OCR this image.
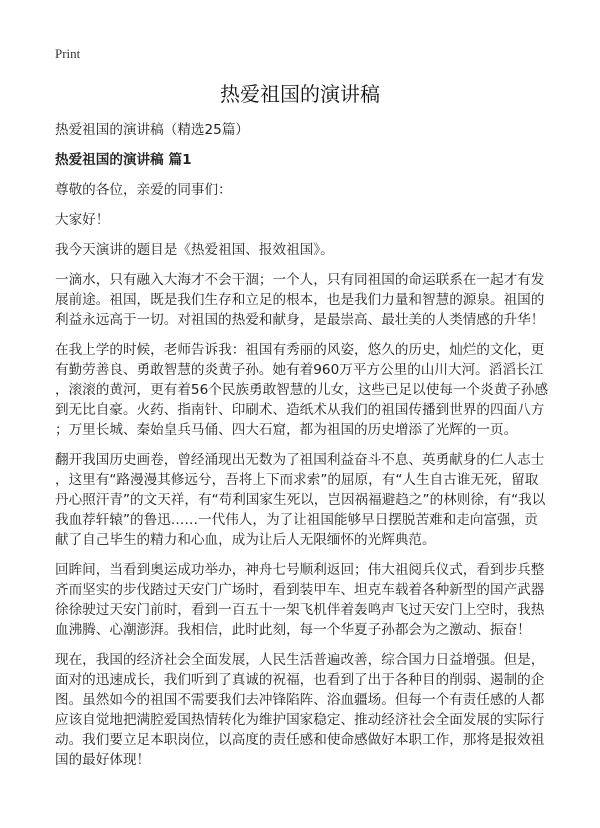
Print
热爱祖国的演讲稿
热爱祖国的演讲稿（精选25篇）
热爱祖国的演讲稿 篇1
尊敬的各位，亲爱的同事们：
大家好！
我今天演讲的题目是《热爱祖国、报效祖国》。
一滴水，只有融入大海才不会干涸；一个人，只有同祖国的命运联系在一起才有发
展前途。祖国，既是我们生存和立足的根本，也是我们力量和智慧的源泉。祖国的
利益永远高于一切。对祖国的热爱和献身，是最崇高、最壮美的人类情感的升华！
在我上学的时候，老师告诉我：祖国有秀丽的风姿，悠久的历史，灿烂的文化，更
有勤劳善良、勇敢智慧的炎黄子孙。她有着960万平方公里的山川大河。滔滔长江
，滚滚的黄河，更有着56个民族勇敢智慧的儿女，这些已足以使每一个炎黄子孙感
到无比自豪。火药、指南针、印刷术、造纸术从我们的祖国传播到世界的四面八方
；万里长城、秦始皇兵马俑、四大石窟，都为祖国的历史增添了光辉的一页。
翻开我国历史画卷，曾经涌现出无数为了祖国利益奋斗不息、英勇献身的仁人志士
，这里有“路漫漫其修远兮，吾将上下而求索”的屈原，有“人生自古谁无死，留取
丹心照汗青”的文天祥，有“苟利国家生死以，岂因祸福避趋之”的林则徐，有“我以
我血荐轩辕”的鲁迅……一代伟人，为了让祖国能够早日摆脱苦难和走向富强，贡
献了自己毕生的精力和心血，成为让后人无限缅怀的光辉典范。
回眸间，当看到奥运成功举办，神舟七号顺利返回；伟大祖阅兵仪式，看到步兵整
齐而坚实的步伐踏过天安门广场时，看到装甲车、坦克车载着各种新型的国产武器
徐徐驶过天安门前时，看到一百五十一架飞机伴着轰鸣声飞过天安门上空时，我热
血沸腾、心潮澎湃。我相信，此时此刻，每一个华夏子孙都会为之激动、振奋！
现在，我国的经济社会全面发展，人民生活普遍改善，综合国力日益增强。但是，
面对的迅速成长，我们听到了真诚的祝福，也看到了出于各种目的削弱、遏制的企
图。虽然如今的祖国不需要我们去冲锋陷阵、浴血疆场。但每一个有责任感的人都
应该自觉地把满腔爱国热情转化为维护国家稳定、推动经济社会全面发展的实际行
动。我们要立足本职岗位，以高度的责任感和使命感做好本职工作，那将是报效祖
国的最好体现！
